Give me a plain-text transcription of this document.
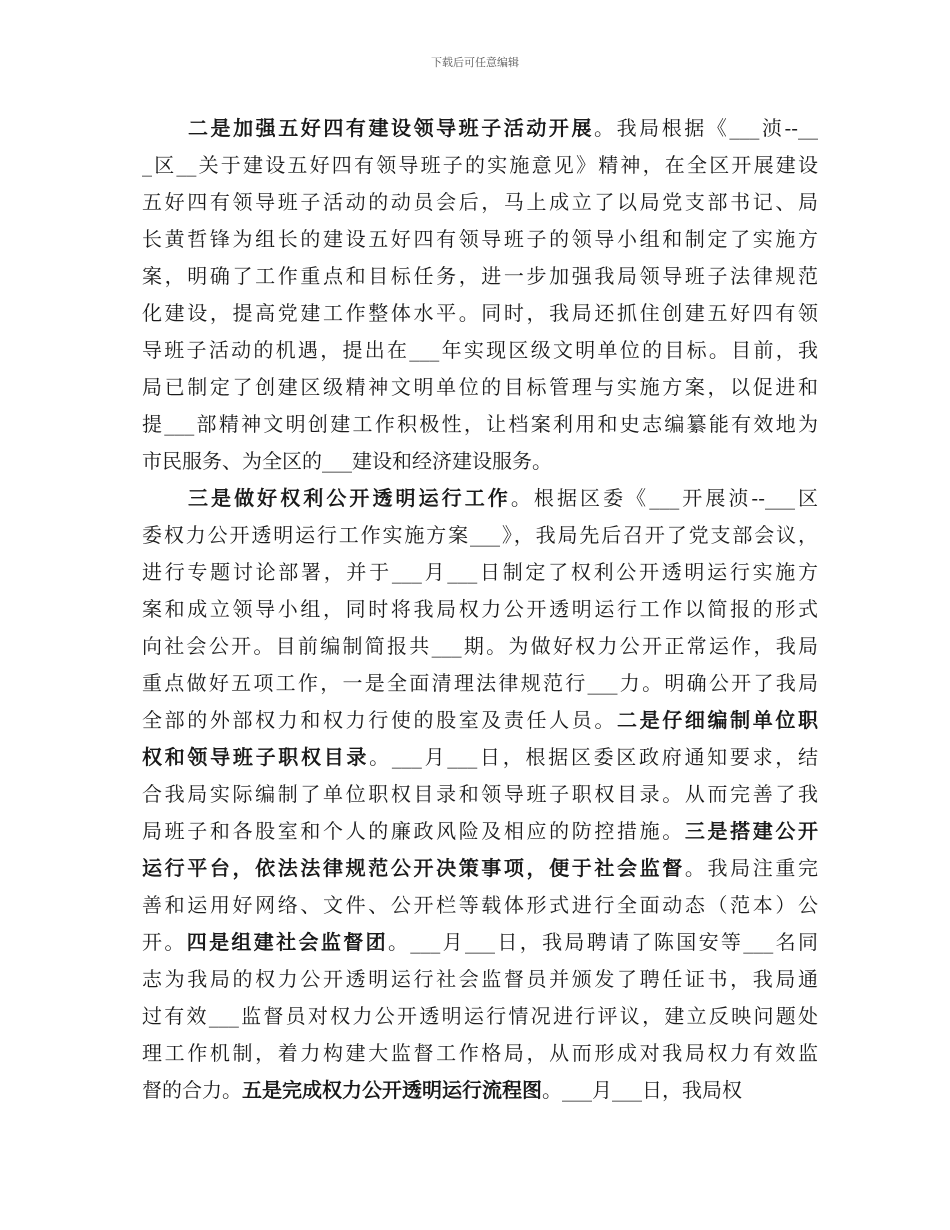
下载后可任意编辑
二是加强五好四有建设领导班子活动开展。我局根据《___浈--__
_区__关于建设五好四有领导班子的实施意见》精神，在全区开展建设
五好四有领导班子活动的动员会后，马上成立了以局党支部书记、局
长黄哲锋为组长的建设五好四有领导班子的领导小组和制定了实施方
案，明确了工作重点和目标任务，进一步加强我局领导班子法律规范
化建设，提高党建工作整体水平。同时，我局还抓住创建五好四有领
导班子活动的机遇，提出在___年实现区级文明单位的目标。目前，我
局已制定了创建区级精神文明单位的目标管理与实施方案，以促进和
提___部精神文明创建工作积极性，让档案利用和史志编纂能有效地为
市民服务、为全区的___建设和经济建设服务。
三是做好权利公开透明运行工作。根据区委《___开展浈--___区
委权力公开透明运行工作实施方案___》，我局先后召开了党支部会议，
进行专题讨论部署，并于___月___日制定了权利公开透明运行实施方
案和成立领导小组，同时将我局权力公开透明运行工作以简报的形式
向社会公开。目前编制简报共___期。为做好权力公开正常运作，我局
重点做好五项工作，一是全面清理法律规范行___力。明确公开了我局
全部的外部权力和权力行使的股室及责任人员。二是仔细编制单位职
权和领导班子职权目录。___月___日，根据区委区政府通知要求，结
合我局实际编制了单位职权目录和领导班子职权目录。从而完善了我
局班子和各股室和个人的廉政风险及相应的防控措施。三是搭建公开
运行平台，依法法律规范公开决策事项，便于社会监督。我局注重完
善和运用好网络、文件、公开栏等载体形式进行全面动态（范本）公
开。四是组建社会监督团。___月___日，我局聘请了陈国安等___名同
志为我局的权力公开透明运行社会监督员并颁发了聘任证书，我局通
过有效___监督员对权力公开透明运行情况进行评议，建立反映问题处
理工作机制，着力构建大监督工作格局，从而形成对我局权力有效监
督的合力。五是完成权力公开透明运行流程图。___月___日，我局权
